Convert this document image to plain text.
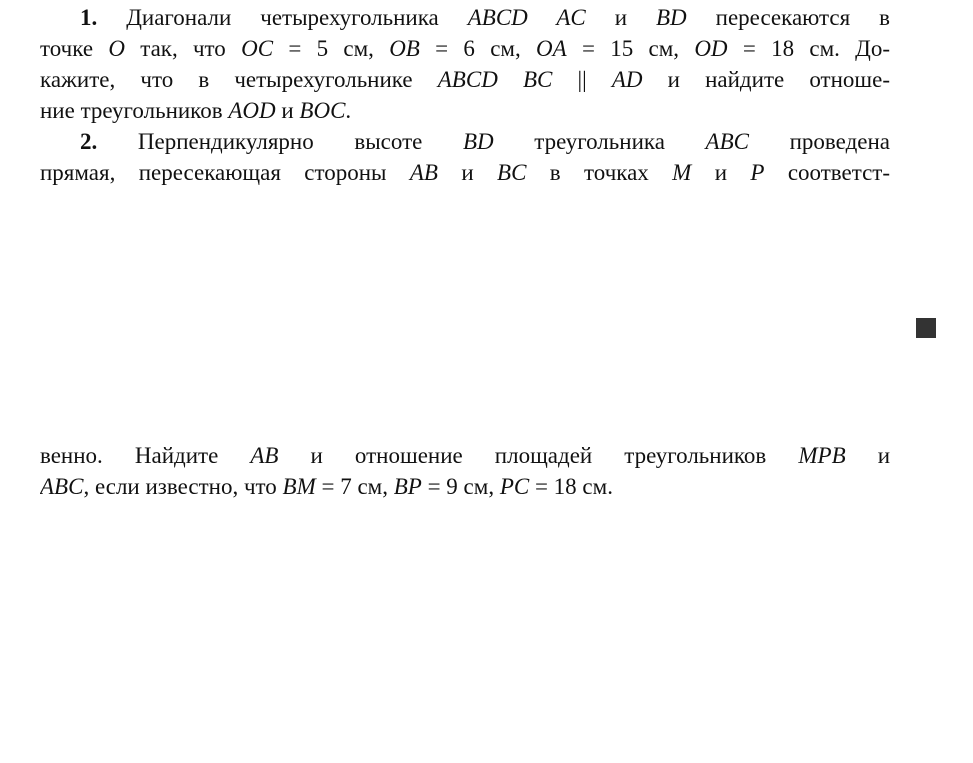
1. Диагонали четырехугольника ABCD AC и BD пересекаются в
точке O так, что OC = 5 см, OB = 6 см, OA = 15 см, OD = 18 см. До-
кажите, что в четырехугольнике ABCD BC || AD и найдите отноше-
ние треугольников AOD и BOC.
2. Перпендикулярно высоте BD треугольника ABC проведена
прямая, пересекающая стороны AB и BC в точках M и P соответст-
венно. Найдите AB и отношение площадей треугольников MPB и
ABC, если известно, что BM = 7 см, BP = 9 см, PC = 18 см.
